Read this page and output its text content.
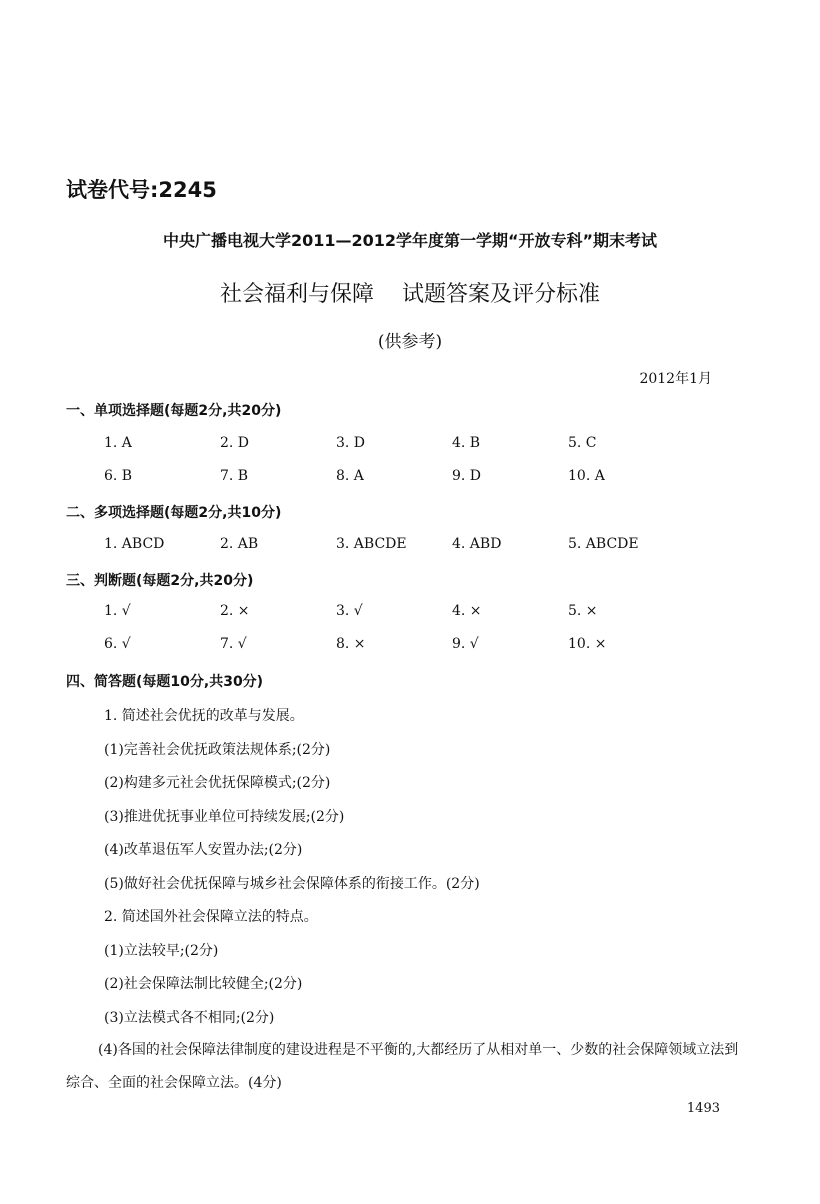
试卷代号:2245
中央广播电视大学2011—2012学年度第一学期“开放专科”期末考试
社会福利与保障 试题答案及评分标准
(供参考)
2012年1月
一、单项选择题(每题2分,共20分)
1. A	2. D	3. D	4. B	5. C
6. B	7. B	8. A	9. D	10. A
二、多项选择题(每题2分,共10分)
1. ABCD	2. AB	3. ABCDE	4. ABD	5. ABCDE
三、判断题(每题2分,共20分)
1. √	2. ×	3. √	4. ×	5. ×
6. √	7. √	8. ×	9. √	10. ×
四、简答题(每题10分,共30分)
1. 简述社会优抚的改革与发展。
(1)完善社会优抚政策法规体系;(2分)
(2)构建多元社会优抚保障模式;(2分)
(3)推进优抚事业单位可持续发展;(2分)
(4)改革退伍军人安置办法;(2分)
(5)做好社会优抚保障与城乡社会保障体系的衔接工作。(2分)
2. 简述国外社会保障立法的特点。
(1)立法较早;(2分)
(2)社会保障法制比较健全;(2分)
(3)立法模式各不相同;(2分)
(4)各国的社会保障法律制度的建设进程是不平衡的,大都经历了从相对单一、少数的社会保障领域立法到综合、全面的社会保障立法。(4分)
1493
